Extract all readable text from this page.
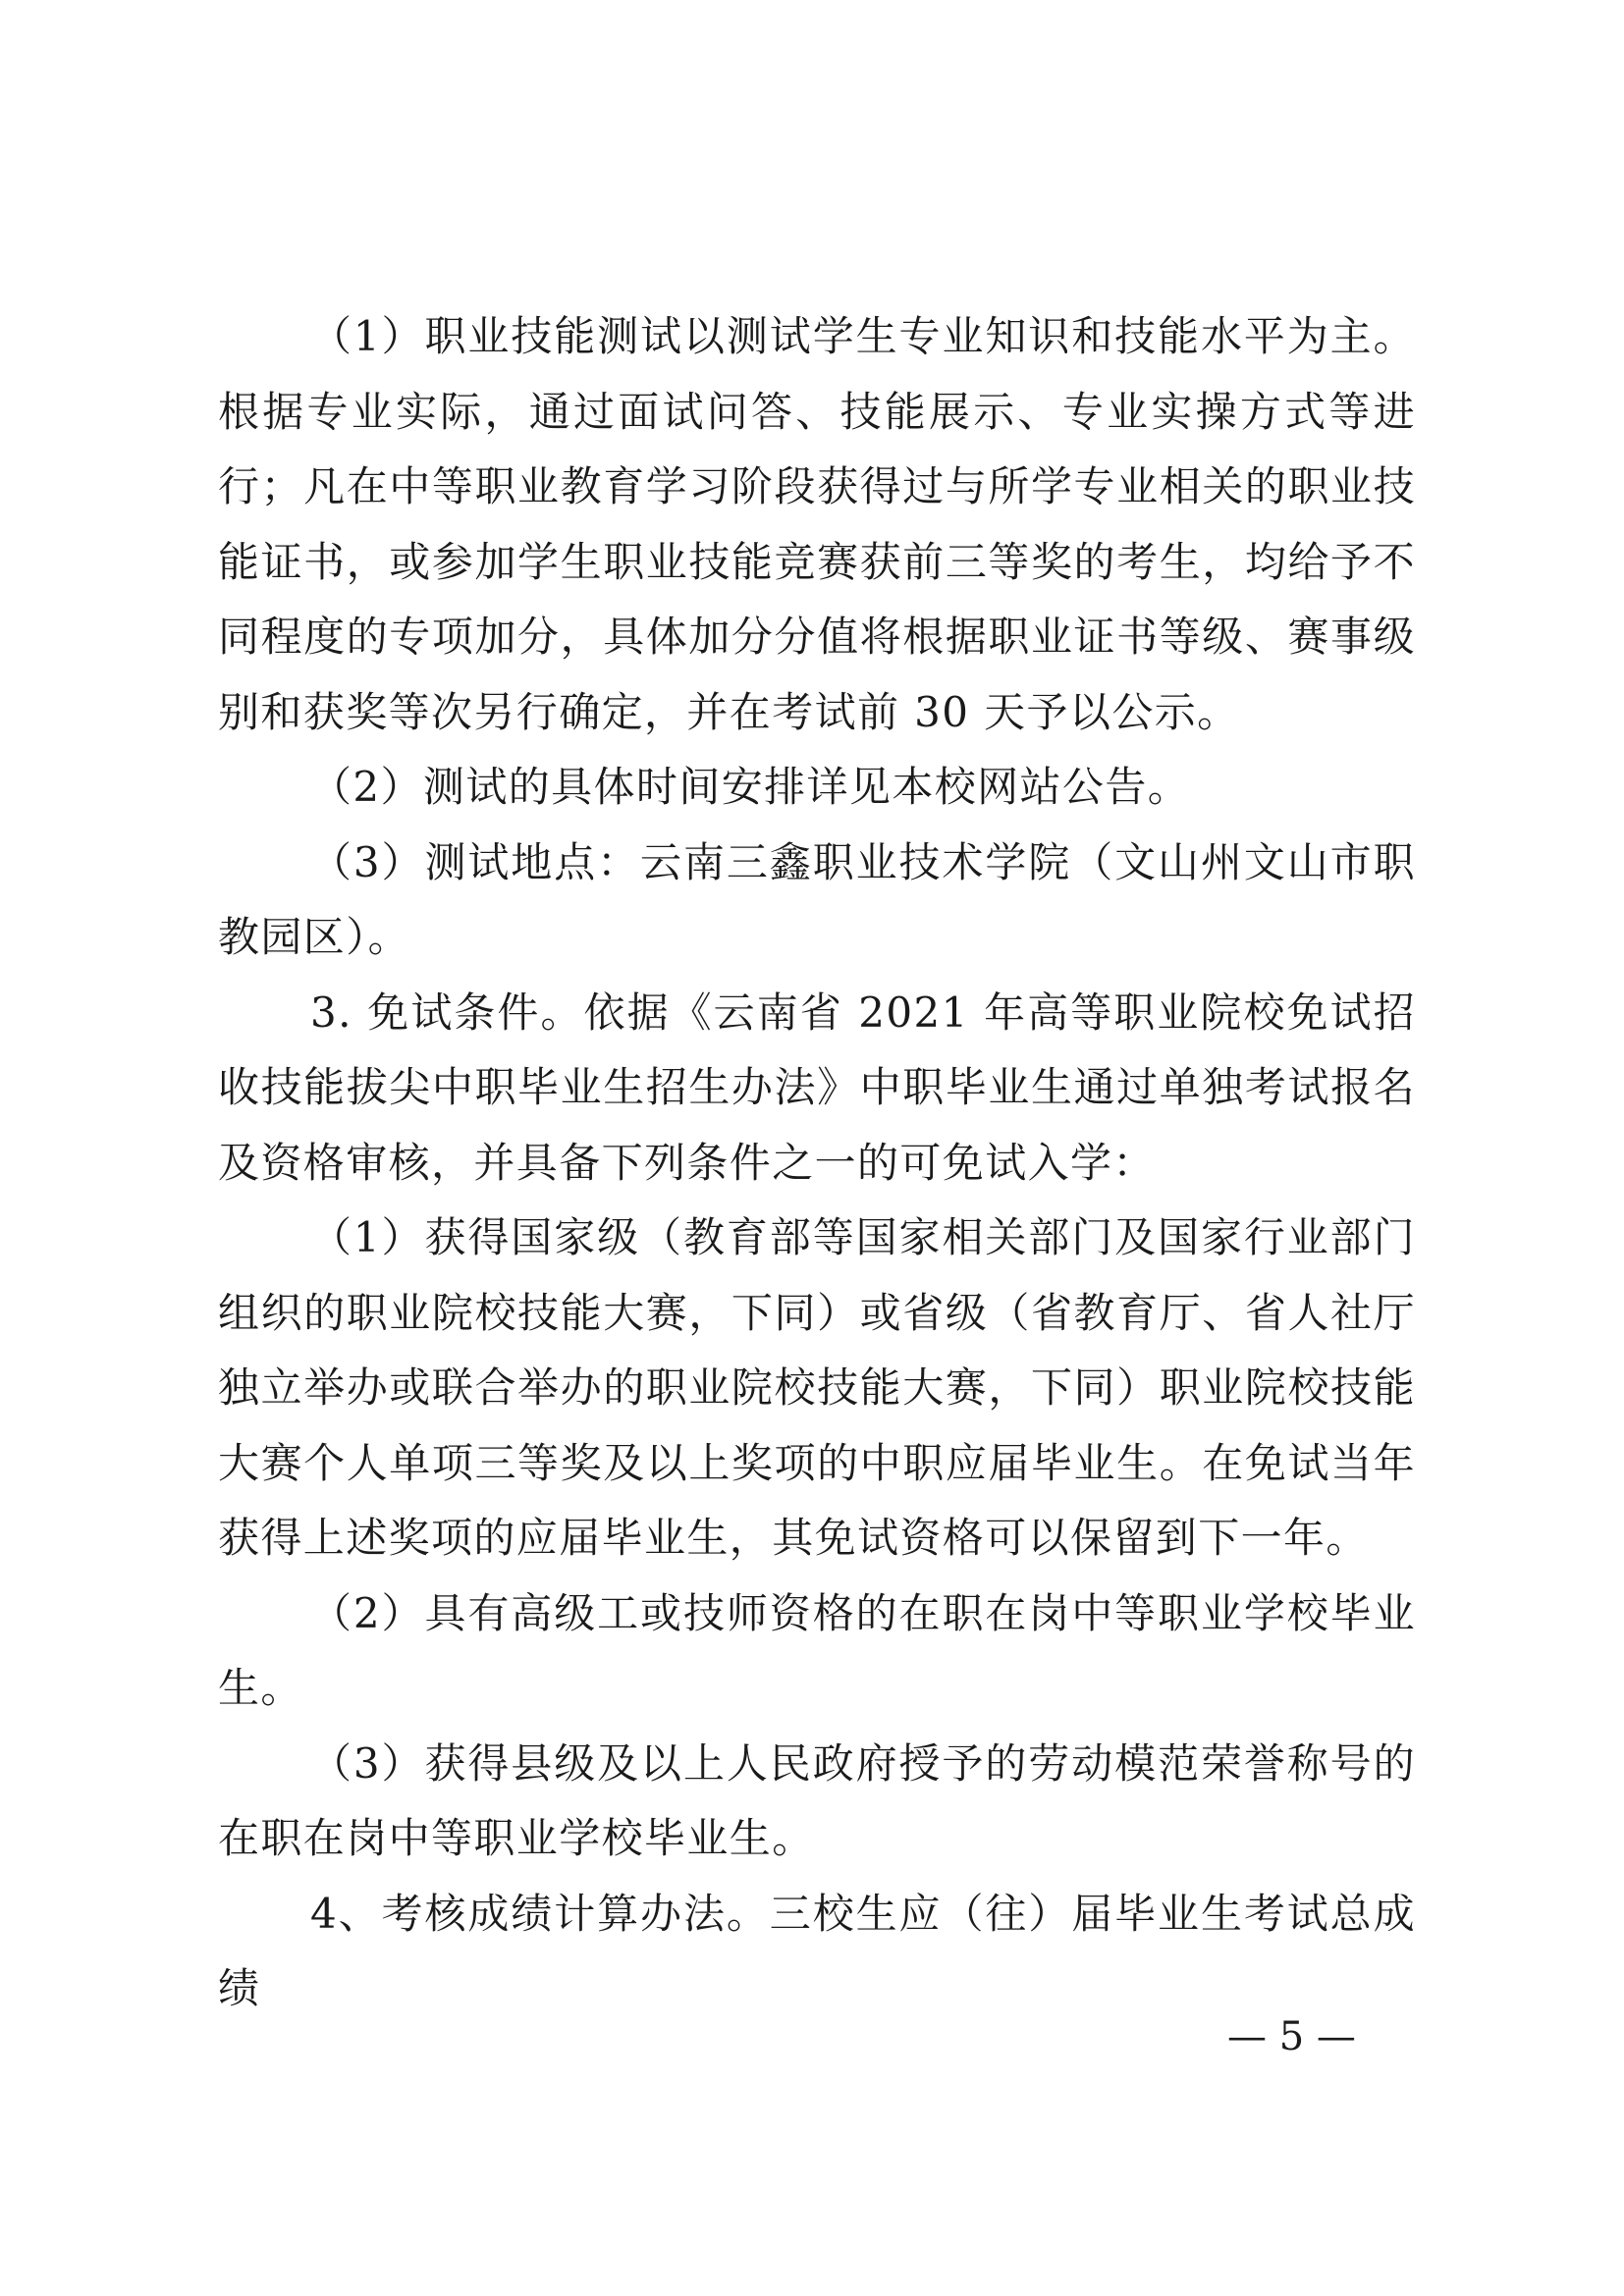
（1）职业技能测试以测试学生专业知识和技能水平为主。根据专业实际，通过面试问答、技能展示、专业实操方式等进行；凡在中等职业教育学习阶段获得过与所学专业相关的职业技能证书，或参加学生职业技能竞赛获前三等奖的考生，均给予不同程度的专项加分，具体加分分值将根据职业证书等级、赛事级别和获奖等次另行确定，并在考试前 30 天予以公示。

（2）测试的具体时间安排详见本校网站公告。

（3）测试地点：云南三鑫职业技术学院（文山州文山市职教园区）。

3. 免试条件。依据《云南省 2021 年高等职业院校免试招收技能拔尖中职毕业生招生办法》中职毕业生通过单独考试报名及资格审核，并具备下列条件之一的可免试入学：

（1）获得国家级（教育部等国家相关部门及国家行业部门组织的职业院校技能大赛，下同）或省级（省教育厅、省人社厅独立举办或联合举办的职业院校技能大赛，下同）职业院校技能大赛个人单项三等奖及以上奖项的中职应届毕业生。在免试当年获得上述奖项的应届毕业生，其免试资格可以保留到下一年。

（2）具有高级工或技师资格的在职在岗中等职业学校毕业生。

（3）获得县级及以上人民政府授予的劳动模范荣誉称号的在职在岗中等职业学校毕业生。

4、考核成绩计算办法。三校生应（往）届毕业生考试总成绩

— 5 —
